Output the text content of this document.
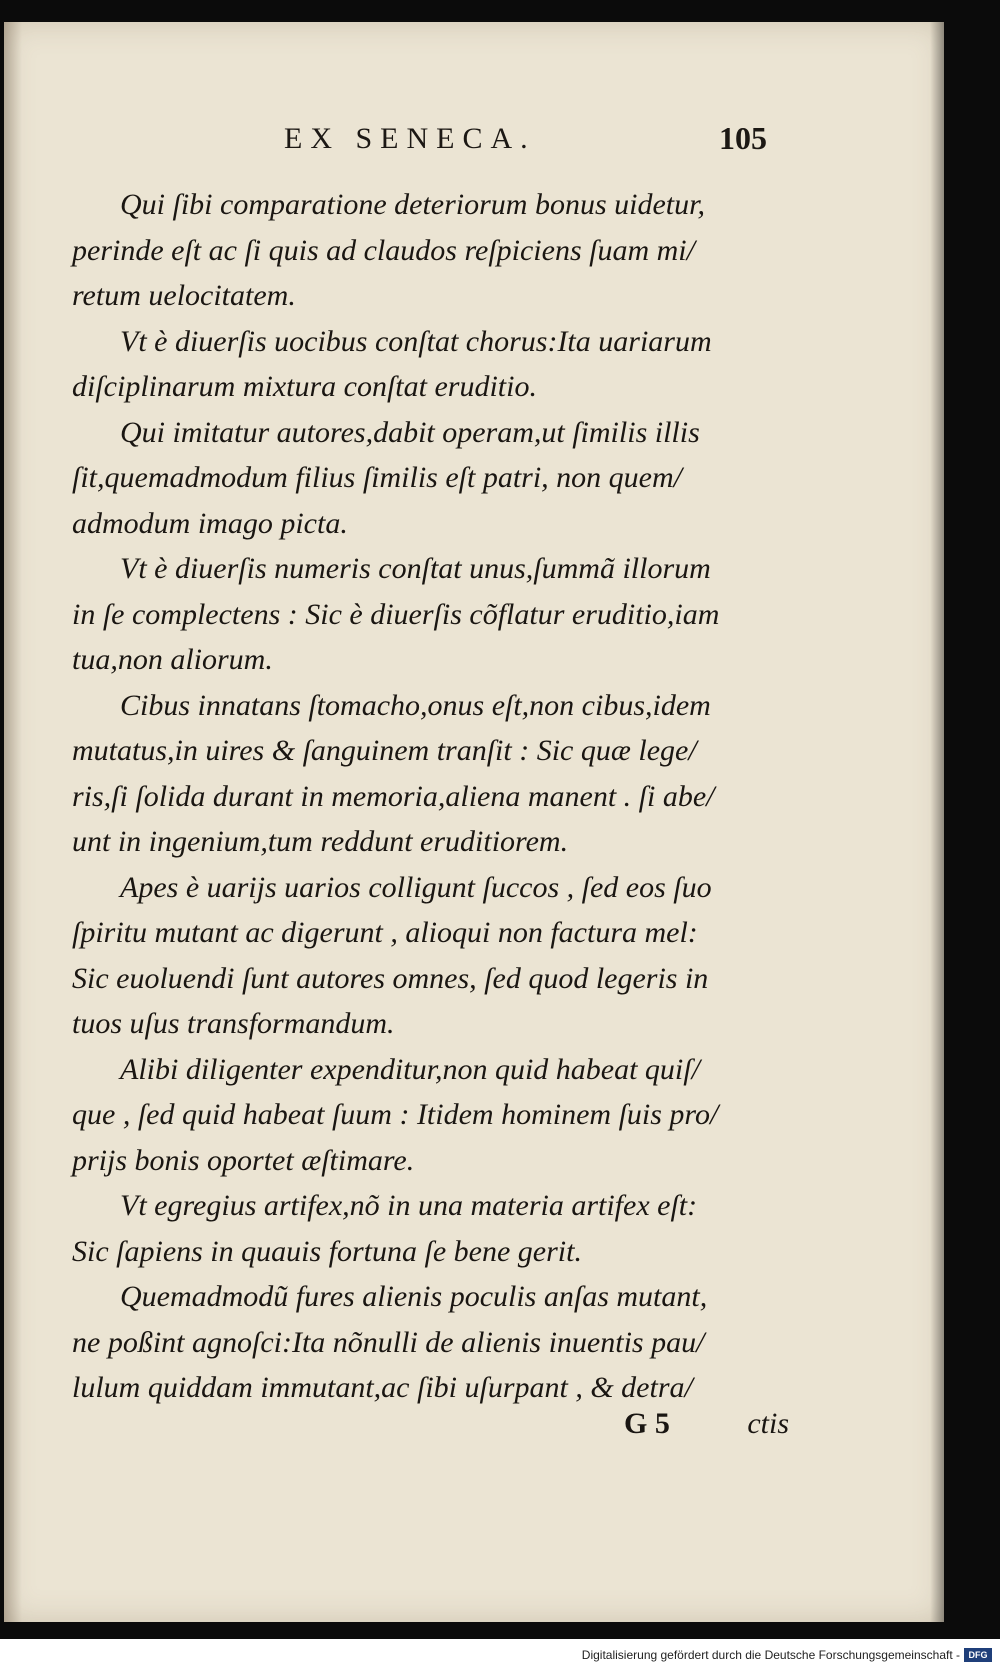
EX SENECA.	105
Qui ſibi comparatione deteriorum bonus uidetur,
perinde eſt ac ſi quis ad claudos reſpiciens ſuam mi/
retum uelocitatem.
Vt è diuerſis uocibus conſtat chorus:Ita uariarum
diſciplinarum mixtura conſtat eruditio.
Qui imitatur autores,dabit operam,ut ſimilis illis
ſit,quemadmodum filius ſimilis eſt patri, non quem/
admodum imago picta.
Vt è diuerſis numeris conſtat unus,ſummã illorum
in ſe complectens : Sic è diuerſis cõflatur eruditio,iam
tua,non aliorum.
Cibus innatans ſtomacho,onus eſt,non cibus,idem
mutatus,in uires & ſanguinem tranſit : Sic quæ lege/
ris,ſi ſolida durant in memoria,aliena manent . ſi abe/
unt in ingenium,tum reddunt eruditiorem.
Apes è uarijs uarios colligunt ſuccos , ſed eos ſuo
ſpiritu mutant ac digerunt , alioqui non factura mel:
Sic euoluendi ſunt autores omnes, ſed quod legeris in
tuos uſus transformandum.
Alibi diligenter expenditur,non quid habeat quiſ/
que , ſed quid habeat ſuum : Itidem hominem ſuis pro/
prijs bonis oportet æſtimare.
Vt egregius artifex,nõ in una materia artifex eſt:
Sic ſapiens in quauis fortuna ſe bene gerit.
Quemadmodũ fures alienis poculis anſas mutant,
ne poßint agnoſci:Ita nõnulli de alienis inuentis pau/
lulum quiddam immutant,ac ſibi uſurpant , & detra/
G 5	ctis
Digitalisierung gefördert durch die Deutsche Forschungsgemeinschaft - DFG
